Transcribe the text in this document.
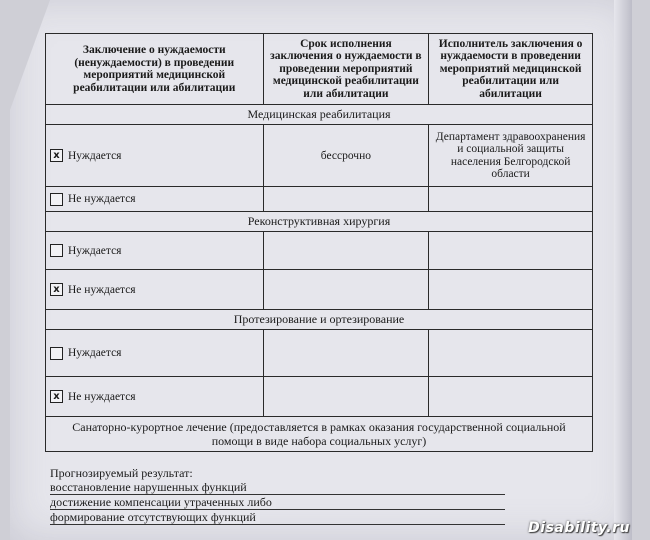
Заключение о нуждаемости (ненуждаемости) в проведении мероприятий медицинской реабилитации или абилитации	Срок исполнения заключения о нуждаемости в проведении мероприятий медицинской реабилитации или абилитации	Исполнитель заключения о нуждаемости в проведении мероприятий медицинской реабилитации или абилитации
Медицинская реабилитация		

x Нуждается	бессрочно	Департамент здравоохранения и социальной защиты населения Белгородской области

Не нуждается		

Реконструктивная хирургия		

Нуждается		

x Не нуждается		

Протезирование и ортезирование		

Нуждается		

x Не нуждается		

Санаторно-курортное лечение (предоставляется в рамках оказания государственной социальной помощи в виде набора социальных услуг)		
Прогнозируемый результат:
восстановление нарушенных функций
достижение компенсации утраченных либо
формирование отсутствующих функций
Disability.ru
